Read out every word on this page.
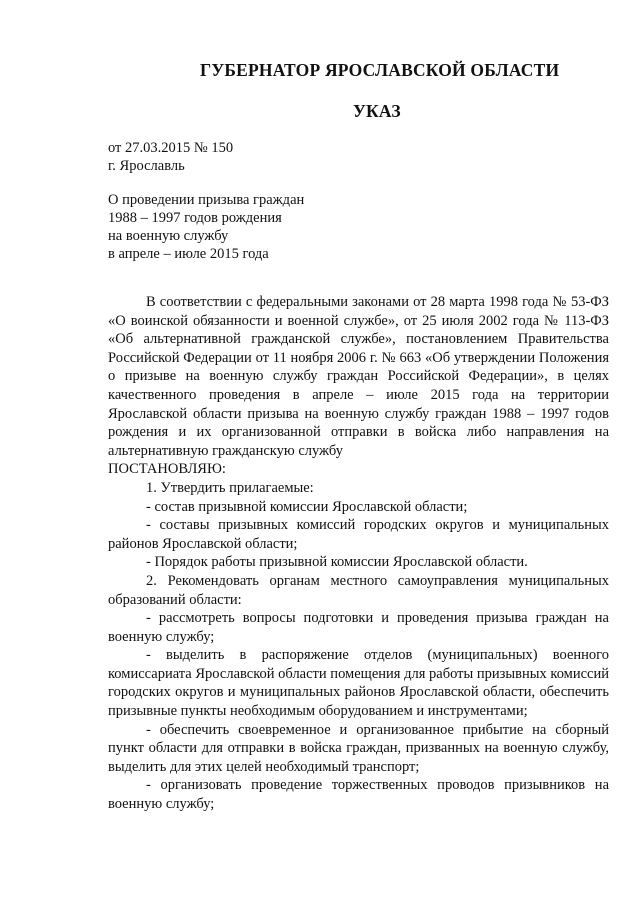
ГУБЕРНАТОР ЯРОСЛАВСКОЙ ОБЛАСТИ
УКАЗ
от 27.03.2015 № 150
г. Ярославль
О проведении призыва граждан
1988 – 1997 годов рождения
на военную службу
в апреле – июле 2015 года

В соответствии с федеральными законами от 28 марта 1998 года № 53-ФЗ «О воинской обязанности и военной службе», от 25 июля 2002 года № 113-ФЗ «Об альтернативной гражданской службе», постановлением Правительства Российской Федерации от 11 ноября 2006 г. № 663 «Об утверждении Положения о призыве на военную службу граждан Российской Федерации», в целях качественного проведения в апреле – июле 2015 года на территории Ярославской области призыва на военную службу граждан 1988 – 1997 годов рождения и их организованной отправки в войска либо направления на альтернативную гражданскую службу

ПОСТАНОВЛЯЮ:

1. Утвердить прилагаемые:

- состав призывной комиссии Ярославской области;

- составы призывных комиссий городских округов и муниципальных районов Ярославской области;

- Порядок работы призывной комиссии Ярославской области.

2. Рекомендовать органам местного самоуправления муниципальных образований области:

- рассмотреть вопросы подготовки и проведения призыва граждан на военную службу;

- выделить в распоряжение отделов (муниципальных) военного комиссариата Ярославской области помещения для работы призывных комиссий городских округов и муниципальных районов Ярославской области, обеспечить призывные пункты необходимым оборудованием и инструментами;

- обеспечить своевременное и организованное прибытие на сборный пункт области для отправки в войска граждан, призванных на военную службу, выделить для этих целей необходимый транспорт;

- организовать проведение торжественных проводов призывников на военную службу;
